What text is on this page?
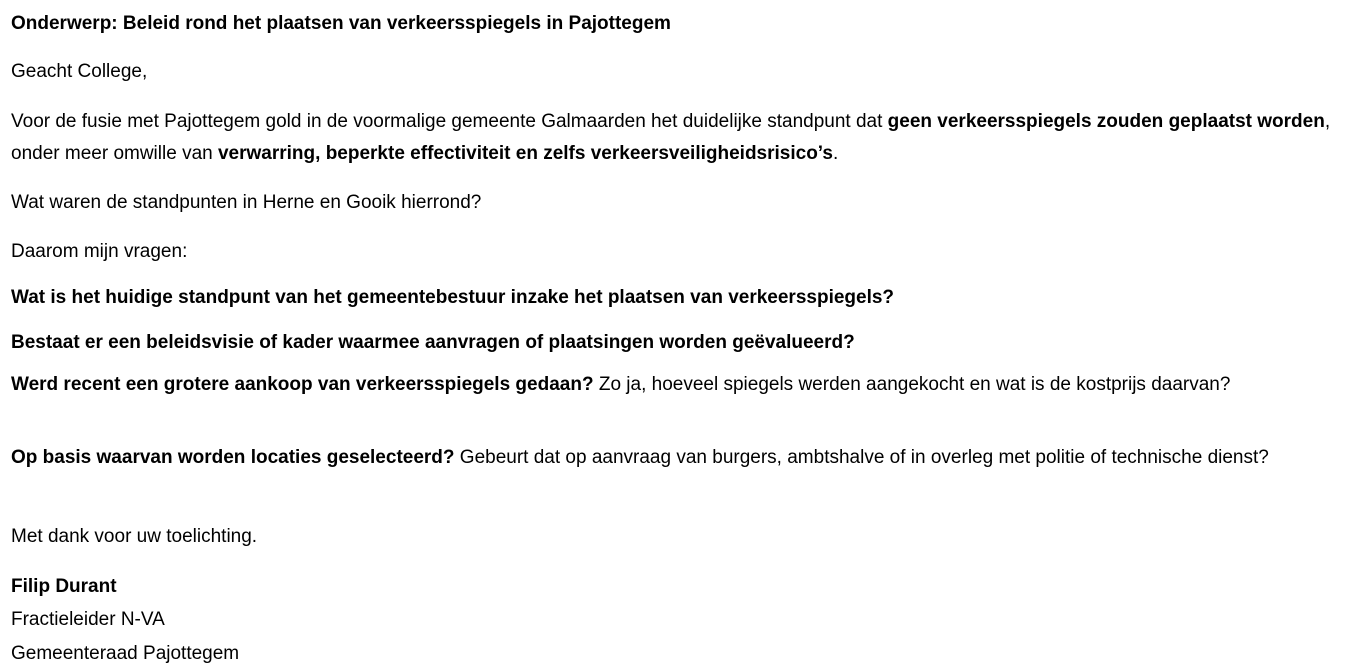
Onderwerp: Beleid rond het plaatsen van verkeersspiegels in Pajottegem
Geacht College,
Voor de fusie met Pajottegem gold in de voormalige gemeente Galmaarden het duidelijke standpunt dat geen verkeersspiegels zouden geplaatst worden, onder meer omwille van verwarring, beperkte effectiviteit en zelfs verkeersveiligheidsrisico’s.
Wat waren de standpunten in Herne en Gooik hierrond?
Daarom mijn vragen:
Wat is het huidige standpunt van het gemeentebestuur inzake het plaatsen van verkeersspiegels?
Bestaat er een beleidsvisie of kader waarmee aanvragen of plaatsingen worden geëvalueerd?
Werd recent een grotere aankoop van verkeersspiegels gedaan? Zo ja, hoeveel spiegels werden aangekocht en wat is de kostprijs daarvan?
Op basis waarvan worden locaties geselecteerd? Gebeurt dat op aanvraag van burgers, ambtshalve of in overleg met politie of technische dienst?
Met dank voor uw toelichting.
Filip Durant
Fractieleider N-VA
Gemeenteraad Pajottegem
